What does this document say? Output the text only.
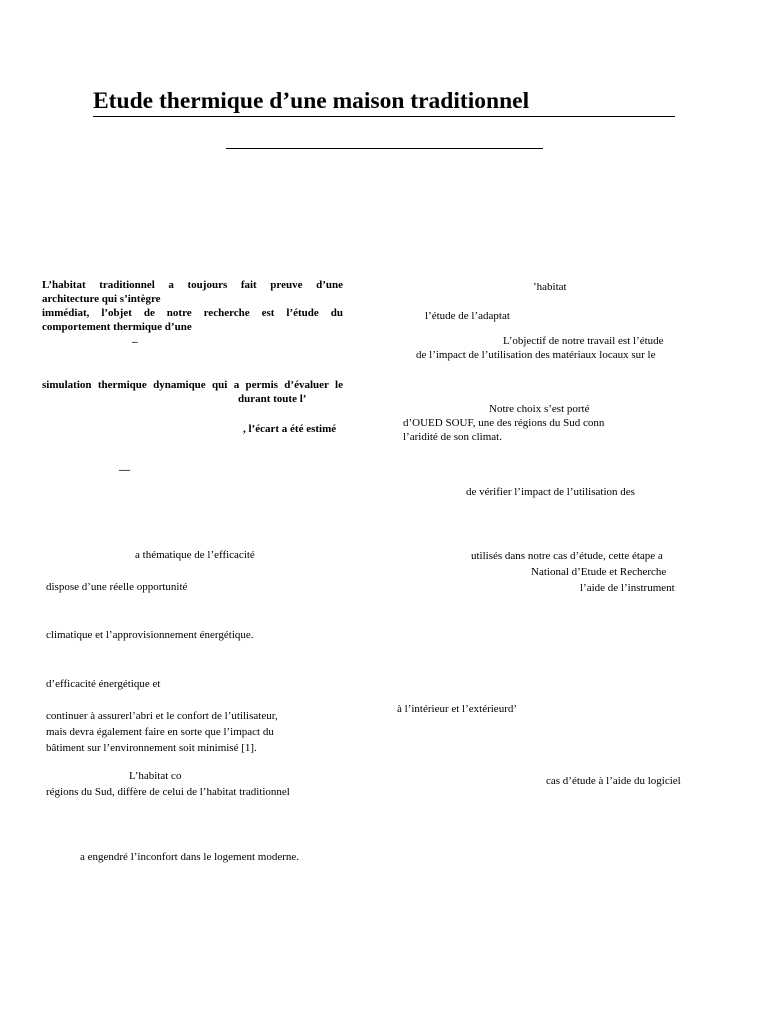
Etude thermique d’une maison traditionnel
L’habitat traditionnel a toujours fait preuve d’une
architecture qui s’intègre
immédiat, l’objet de notre recherche est l’étude du
comportement thermique d’une
–
simulation thermique dynamique qui a permis d’évaluer le
durant toute l’
, l’écart a été estimé
—
a thématique de l’efficacité
dispose d’une réelle opportunité
climatique et l’approvisionnement énergétique.
d’efficacité énergétique et
continuer à assurerl’abri et le confort de l’utilisateur,
mais devra également faire en sorte que l’impact du
bâtiment sur l’environnement soit minimisé [1].
L’habitat co
régions du Sud, diffère de celui de l’habitat traditionnel
a engendré l’inconfort dans le logement moderne.
’habitat
l’étude de l’adaptat
L’objectif de notre travail est l’étude
de l’impact de l’utilisation des matériaux locaux sur le
Notre choix s’est porté
d’OUED SOUF, une des régions du Sud conn
l’aridité de son climat.
de vérifier l’impact de l’utilisation des
utilisés dans notre cas d’étude, cette étape a
National d’Etude et Recherche
l’aide de l’instrument
à l’intérieur et l’extérieurd’
cas d’étude à l’aide du logiciel
